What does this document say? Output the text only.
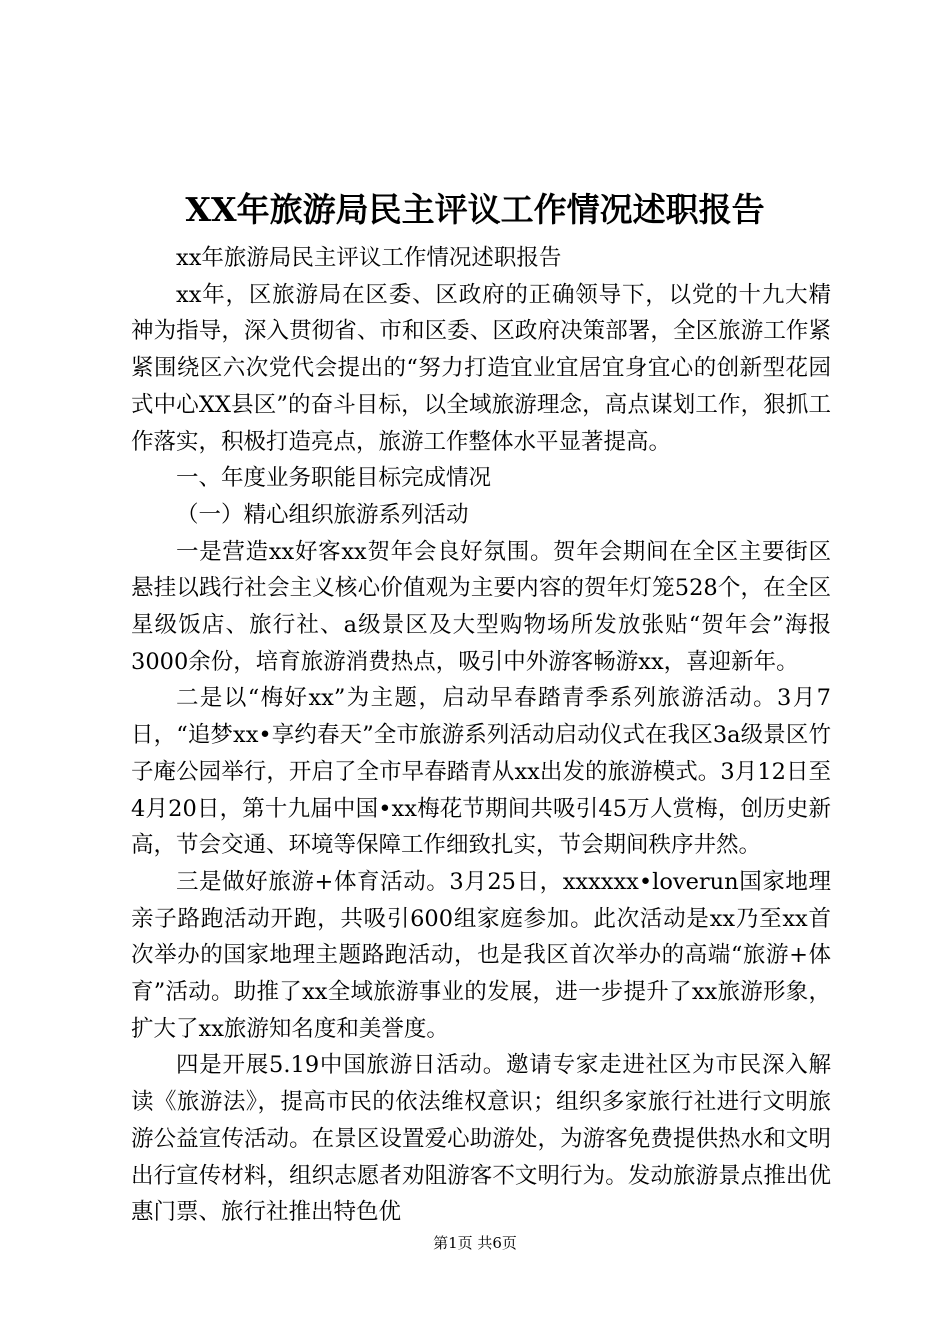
XX年旅游局民主评议工作情况述职报告

xx年旅游局民主评议工作情况述职报告

xx年，区旅游局在区委、区政府的正确领导下，以党的十九大精神为指导，深入贯彻省、市和区委、区政府决策部署，全区旅游工作紧紧围绕区六次党代会提出的“努力打造宜业宜居宜身宜心的创新型花园式中心XX县区”的奋斗目标，以全域旅游理念，高点谋划工作，狠抓工作落实，积极打造亮点，旅游工作整体水平显著提高。

一、年度业务职能目标完成情况

（一）精心组织旅游系列活动

一是营造xx好客xx贺年会良好氛围。贺年会期间在全区主要街区悬挂以践行社会主义核心价值观为主要内容的贺年灯笼528个，在全区星级饭店、旅行社、a级景区及大型购物场所发放张贴“贺年会”海报3000余份，培育旅游消费热点，吸引中外游客畅游xx，喜迎新年。

二是以“梅好xx”为主题，启动早春踏青季系列旅游活动。3月7日，“追梦xx•享约春天”全市旅游系列活动启动仪式在我区3a级景区竹子庵公园举行，开启了全市早春踏青从xx出发的旅游模式。3月12日至4月20日，第十九届中国•xx梅花节期间共吸引45万人赏梅，创历史新高，节会交通、环境等保障工作细致扎实，节会期间秩序井然。

三是做好旅游+体育活动。3月25日，xxxxxx•loverun国家地理亲子路跑活动开跑，共吸引600组家庭参加。此次活动是xx乃至xx首次举办的国家地理主题路跑活动，也是我区首次举办的高端“旅游+体育”活动。助推了xx全域旅游事业的发展，进一步提升了xx旅游形象，扩大了xx旅游知名度和美誉度。

四是开展5.19中国旅游日活动。邀请专家走进社区为市民深入解读《旅游法》，提高市民的依法维权意识；组织多家旅行社进行文明旅游公益宣传活动。在景区设置爱心助游处，为游客免费提供热水和文明出行宣传材料，组织志愿者劝阻游客不文明行为。发动旅游景点推出优惠门票、旅行社推出特色优

第1页 共6页
